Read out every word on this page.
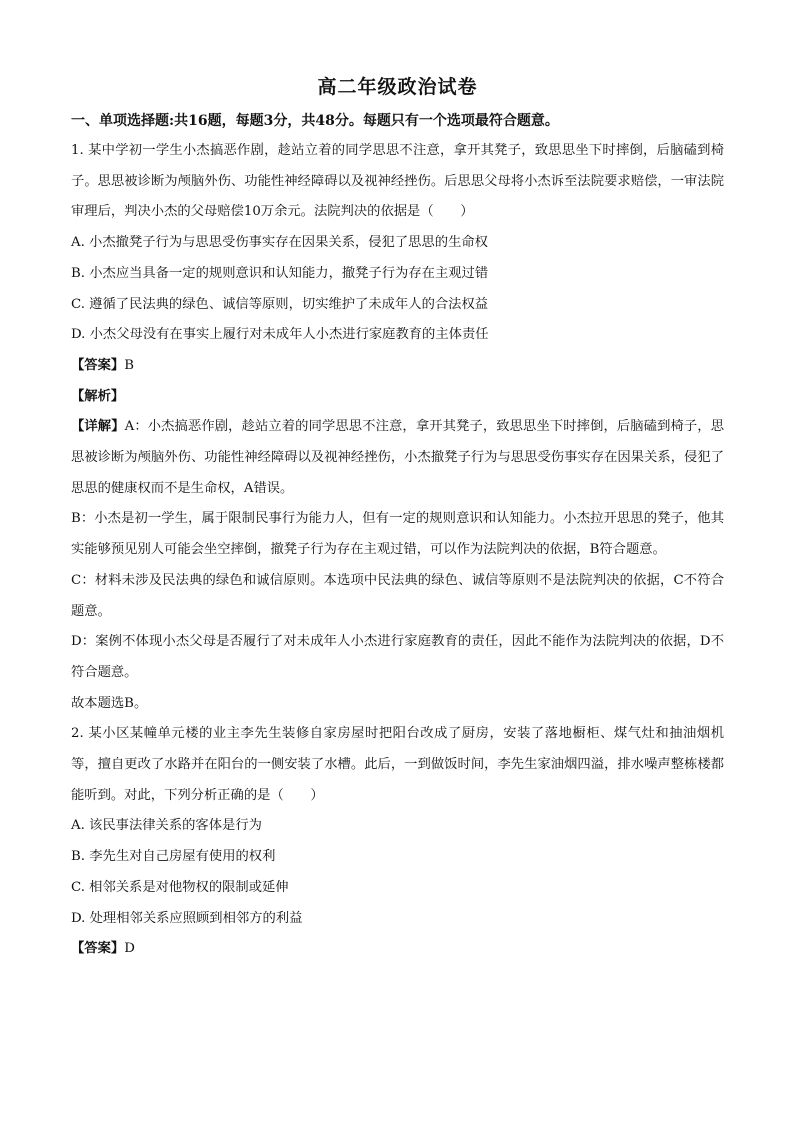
高二年级政治试卷
一、单项选择题:共16题，每题3分，共48分。每题只有一个选项最符合题意。

1. 某中学初一学生小杰搞恶作剧，趁站立着的同学思思不注意，拿开其凳子，致思思坐下时摔倒，后脑磕到椅子。思思被诊断为颅脑外伤、功能性神经障碍以及视神经挫伤。后思思父母将小杰诉至法院要求赔偿，一审法院审理后，判决小杰的父母赔偿10万余元。法院判决的依据是（　　）

A. 小杰撤凳子行为与思思受伤事实存在因果关系，侵犯了思思的生命权

B. 小杰应当具备一定的规则意识和认知能力，撤凳子行为存在主观过错

C. 遵循了民法典的绿色、诚信等原则，切实维护了未成年人的合法权益

D. 小杰父母没有在事实上履行对未成年人小杰进行家庭教育的主体责任

【答案】B

【解析】

【详解】A：小杰搞恶作剧，趁站立着的同学思思不注意，拿开其凳子，致思思坐下时摔倒，后脑磕到椅子，思思被诊断为颅脑外伤、功能性神经障碍以及视神经挫伤，小杰撤凳子行为与思思受伤事实存在因果关系，侵犯了思思的健康权而不是生命权，A错误。

B：小杰是初一学生，属于限制民事行为能力人，但有一定的规则意识和认知能力。小杰拉开思思的凳子，他其实能够预见别人可能会坐空摔倒，撤凳子行为存在主观过错，可以作为法院判决的依据，B符合题意。

C：材料未涉及民法典的绿色和诚信原则。本选项中民法典的绿色、诚信等原则不是法院判决的依据，C不符合题意。

D：案例不体现小杰父母是否履行了对未成年人小杰进行家庭教育的责任，因此不能作为法院判决的依据，D不符合题意。

故本题选B。

2. 某小区某幢单元楼的业主李先生装修自家房屋时把阳台改成了厨房，安装了落地橱柜、煤气灶和抽油烟机等，擅自更改了水路并在阳台的一侧安装了水槽。此后，一到做饭时间，李先生家油烟四溢，排水噪声整栋楼都能听到。对此，下列分析正确的是（　　）

A. 该民事法律关系的客体是行为

B. 李先生对自己房屋有使用的权利

C. 相邻关系是对他物权的限制或延伸

D. 处理相邻关系应照顾到相邻方的利益

【答案】D
